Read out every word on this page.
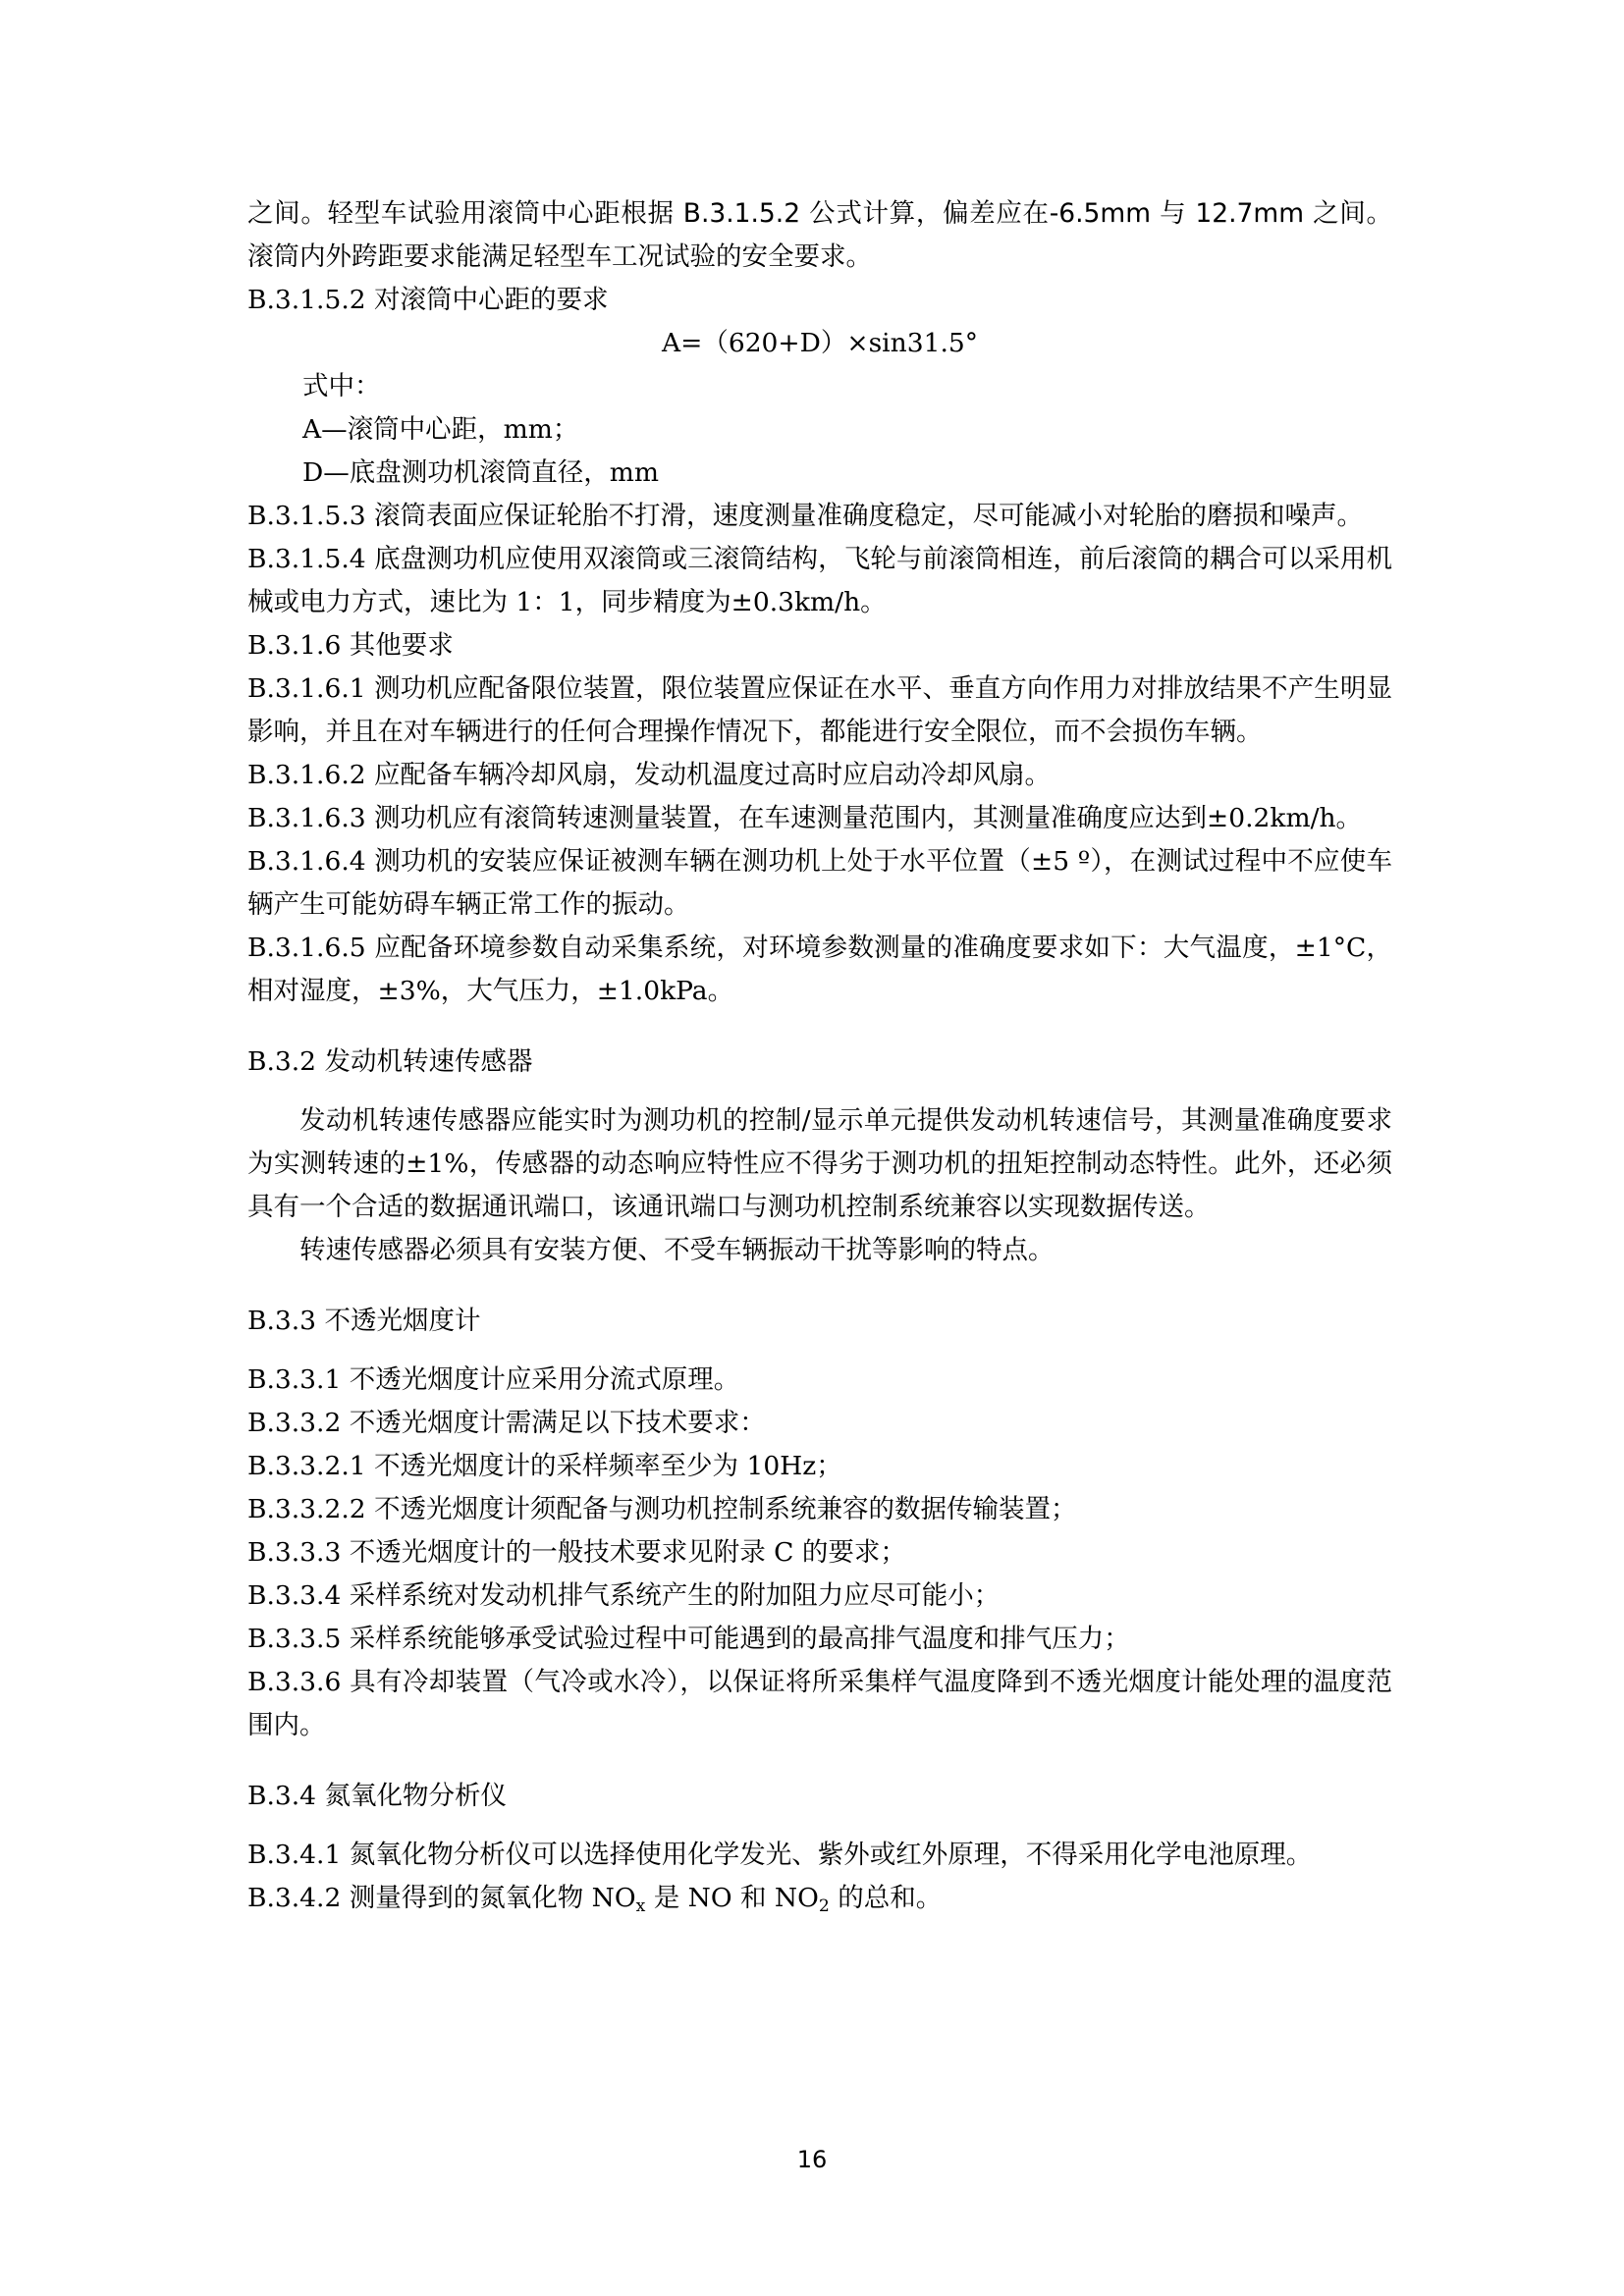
之间。轻型车试验用滚筒中心距根据 B.3.1.5.2 公式计算，偏差应在-6.5mm 与 12.7mm 之间。滚筒内外跨距要求能满足轻型车工况试验的安全要求。

B.3.1.5.2 对滚筒中心距的要求

A=（620+D）×sin31.5°

式中：

A—滚筒中心距，mm；

D—底盘测功机滚筒直径，mm

B.3.1.5.3 滚筒表面应保证轮胎不打滑，速度测量准确度稳定，尽可能减小对轮胎的磨损和噪声。

B.3.1.5.4 底盘测功机应使用双滚筒或三滚筒结构，飞轮与前滚筒相连，前后滚筒的耦合可以采用机械或电力方式，速比为 1：1，同步精度为±0.3km/h。

B.3.1.6 其他要求

B.3.1.6.1 测功机应配备限位装置，限位装置应保证在水平、垂直方向作用力对排放结果不产生明显影响，并且在对车辆进行的任何合理操作情况下，都能进行安全限位，而不会损伤车辆。

B.3.1.6.2 应配备车辆冷却风扇，发动机温度过高时应启动冷却风扇。

B.3.1.6.3 测功机应有滚筒转速测量装置，在车速测量范围内，其测量准确度应达到±0.2km/h。

B.3.1.6.4 测功机的安装应保证被测车辆在测功机上处于水平位置（±5 º），在测试过程中不应使车辆产生可能妨碍车辆正常工作的振动。

B.3.1.6.5 应配备环境参数自动采集系统，对环境参数测量的准确度要求如下：大气温度，±1°C，相对湿度，±3%，大气压力，±1.0kPa。

B.3.2 发动机转速传感器

发动机转速传感器应能实时为测功机的控制/显示单元提供发动机转速信号，其测量准确度要求为实测转速的±1%，传感器的动态响应特性应不得劣于测功机的扭矩控制动态特性。此外，还必须具有一个合适的数据通讯端口，该通讯端口与测功机控制系统兼容以实现数据传送。

转速传感器必须具有安装方便、不受车辆振动干扰等影响的特点。

B.3.3 不透光烟度计

B.3.3.1 不透光烟度计应采用分流式原理。

B.3.3.2 不透光烟度计需满足以下技术要求：

B.3.3.2.1 不透光烟度计的采样频率至少为 10Hz；

B.3.3.2.2 不透光烟度计须配备与测功机控制系统兼容的数据传输装置；

B.3.3.3 不透光烟度计的一般技术要求见附录 C 的要求；

B.3.3.4 采样系统对发动机排气系统产生的附加阻力应尽可能小；

B.3.3.5 采样系统能够承受试验过程中可能遇到的最高排气温度和排气压力；

B.3.3.6 具有冷却装置（气冷或水冷），以保证将所采集样气温度降到不透光烟度计能处理的温度范围内。

B.3.4 氮氧化物分析仪

B.3.4.1 氮氧化物分析仪可以选择使用化学发光、紫外或红外原理，不得采用化学电池原理。

B.3.4.2 测量得到的氮氧化物 $NO_x$ 是 NO 和 $NO_2$ 的总和。

16
